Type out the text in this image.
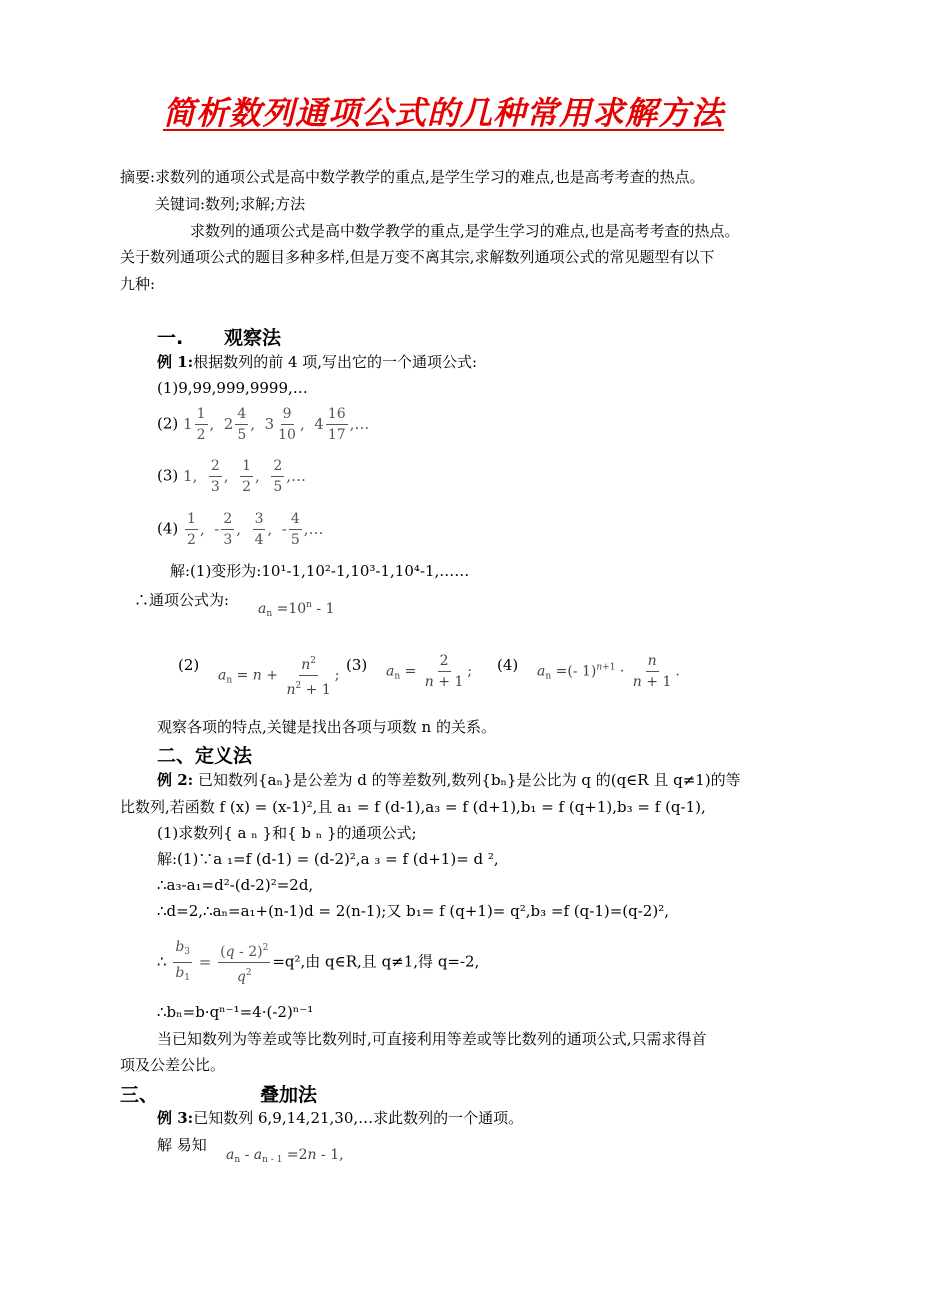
简析数列通项公式的几种常用求解方法
摘要:求数列的通项公式是高中数学教学的重点,是学生学习的难点,也是高考考查的热点。
关键词:数列;求解;方法
求数列的通项公式是高中数学教学的重点,是学生学习的难点,也是高考考查的热点。
关于数列通项公式的题目多种多样,但是万变不离其宗,求解数列通项公式的常见题型有以下
九种:
一. 观察法
例 1:根据数列的前 4 项,写出它的一个通项公式:
(1)9,99,999,9999,…
(2) $1 \frac{1}{2}$ ,  $2 \frac{4}{5}$ ,  $3 \frac{9}{10}$ ,  $4 \frac{16}{17}$ ,…
(3) 1, $\frac{2}{3}$ , $\frac{1}{2}$ , $\frac{2}{5}$ ,…
$(4) \frac{1}{2}$ ,  - $\frac{2}{3}$ , $\frac{3}{4}$ ,  - $\frac{4}{5}$ ,…
解:(1)变形为:10¹-1,10²-1,10³-1,10⁴-1,……
∴通项公式为: $a_n =10^n - 1$
(2)
$a_n = n + \frac{n^2}{n^2 + 1}$ ;
(3) $a_n = \frac{2}{n + 1}$ ; (4) $a_n$ =(- $1)^{n+1} \cdot \frac{n}{n + 1}$ .
观察各项的特点,关键是找出各项与项数 n 的关系。
二、定义法
例 2: 已知数列{aₙ}是公差为 d 的等差数列,数列{bₙ}是公比为 q 的(q∈R 且 q≠1)的等
比数列,若函数 f (x) = (x-1)²,且 a₁ = f (d-1),a₃ = f (d+1),b₁ = f (q+1),b₃ = f (q-1),
(1)求数列{ a ₙ }和{ b ₙ }的通项公式;
解:(1)∵a ₁=f (d-1) = (d-2)²,a ₃ = f (d+1)= d ²,
∴a₃-a₁=d²-(d-2)²=2d,
∴d=2,∴aₙ=a₁+(n-1)d = 2(n-1);又 b₁= f (q+1)= q²,b₃ =f (q-1)=(q-2)²,
∴ $\frac{b_3}{b_1} = \frac{(q - 2)^2}{q^2} =q^2$,由 q∈R,且 q≠1,得 q=-2,
∴bₙ=b·qⁿ⁻¹=4·(-2)ⁿ⁻¹
当已知数列为等差或等比数列时,可直接利用等差或等比数列的通项公式,只需求得首
项及公差公比。
三、	叠加法
例 3:已知数列 6,9,14,21,30,…求此数列的一个通项。
解 易知
$a_n - a_{n - 1} =2n - 1$,
